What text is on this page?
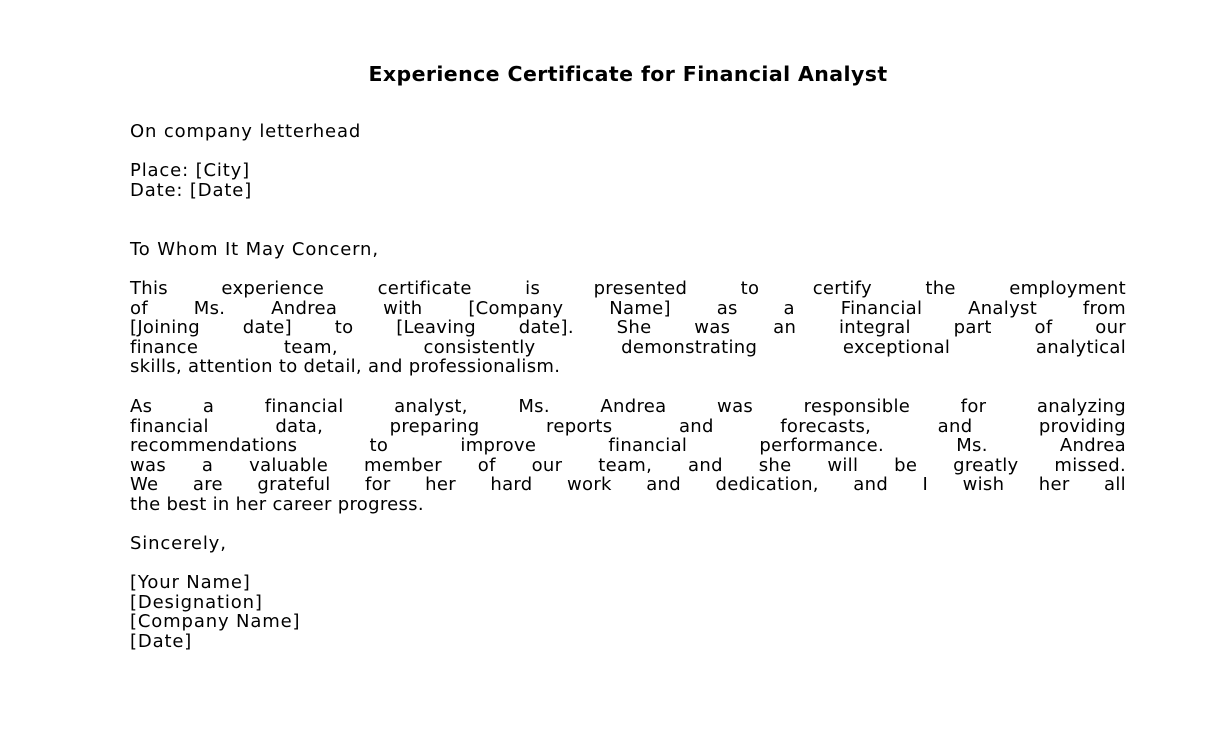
Experience Certificate for Financial Analyst
On company letterhead
Place: [City]
Date: [Date]
To Whom It May Concern,
This experience certificate is presented to certify the employment
of Ms. Andrea with [Company Name] as a Financial Analyst from
[Joining date] to [Leaving date]. She was an integral part of our
finance team, consistently demonstrating exceptional analytical
skills, attention to detail, and professionalism.
As a financial analyst, Ms. Andrea was responsible for analyzing
financial data, preparing reports and forecasts, and providing
recommendations to improve financial performance. Ms. Andrea
was a valuable member of our team, and she will be greatly missed.
We are grateful for her hard work and dedication, and I wish her all
the best in her career progress.
Sincerely,
[Your Name]
[Designation]
[Company Name]
[Date]
